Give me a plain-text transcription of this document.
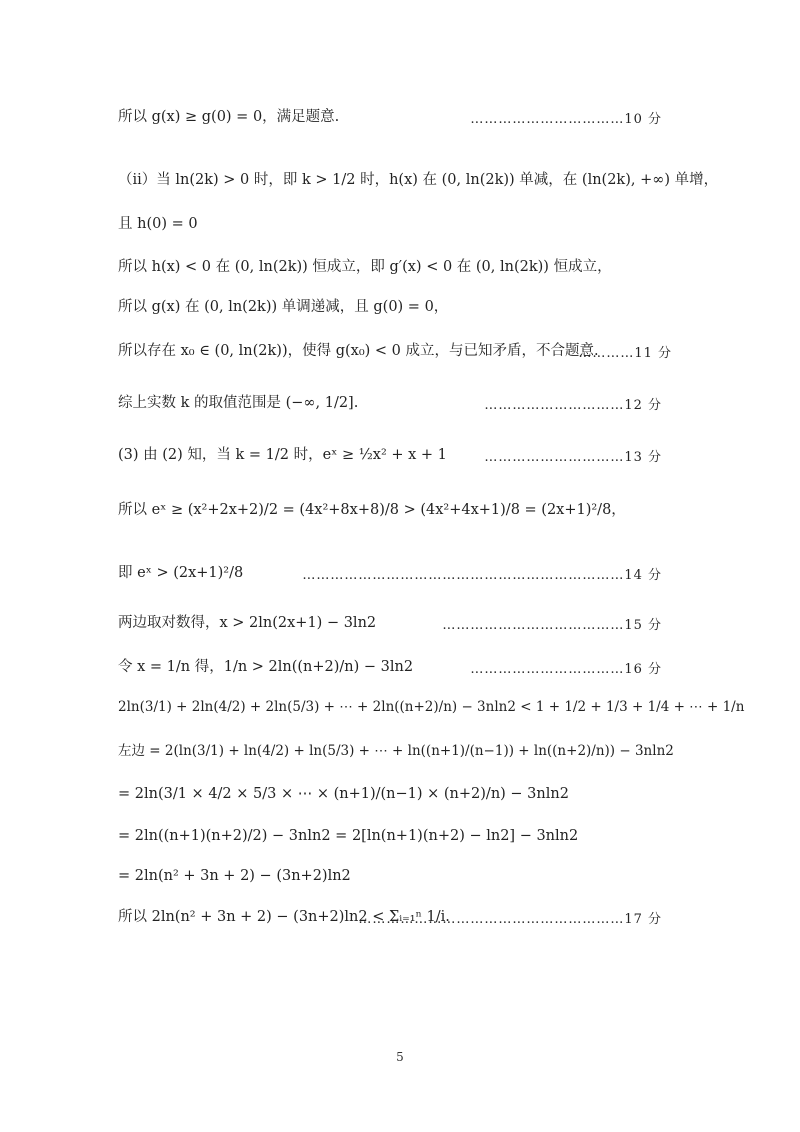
所以 g(x) ≥ g(0) = 0，满足题意.	……………………………10 分
（ii）当 ln(2k) > 0 时，即 k > 1/2 时，h(x) 在 (0, ln(2k)) 单减，在 (ln(2k), +∞) 单增，
且 h(0) = 0
所以 h(x) < 0 在 (0, ln(2k)) 恒成立，即 g′(x) < 0 在 (0, ln(2k)) 恒成立，
所以 g(x) 在 (0, ln(2k)) 单调递减，且 g(0) = 0，
所以存在 x₀ ∈ (0, ln(2k))，使得 g(x₀) < 0 成立，与已知矛盾，不合题意.
…………11 分
综上实数 k 的取值范围是 (−∞, 1/2].	…………………………12 分
(3) 由 (2) 知，当 k = 1/2 时，eˣ ≥ ½x² + x + 1	…………………………13 分
所以 eˣ ≥ (x²+2x+2)/2 = (4x²+8x+8)/8 > (4x²+4x+1)/8 = (2x+1)²/8，
即 eˣ > (2x+1)²/8	……………………………………………………………14 分
两边取对数得，x > 2ln(2x+1) − 3ln2	…………………………………15 分
令 x = 1/n 得，1/n > 2ln((n+2)/n) − 3ln2	……………………………16 分
2ln(3/1) + 2ln(4/2) + 2ln(5/3) + ⋯ + 2ln((n+2)/n) − 3nln2 < 1 + 1/2 + 1/3 + 1/4 + ⋯ + 1/n
左边 = 2(ln(3/1) + ln(4/2) + ln(5/3) + ⋯ + ln((n+1)/(n−1)) + ln((n+2)/n)) − 3nln2
= 2ln(3/1 × 4/2 × 5/3 × ⋯ × (n+1)/(n−1) × (n+2)/n) − 3nln2
= 2ln((n+1)(n+2)/2) − 3nln2 = 2[ln(n+1)(n+2) − ln2] − 3nln2
= 2ln(n² + 3n + 2) − (3n+2)ln2
所以 2ln(n² + 3n + 2) − (3n+2)ln2 < Σᵢ₌₁ⁿ 1/i.
…………………………………………………17 分
5
